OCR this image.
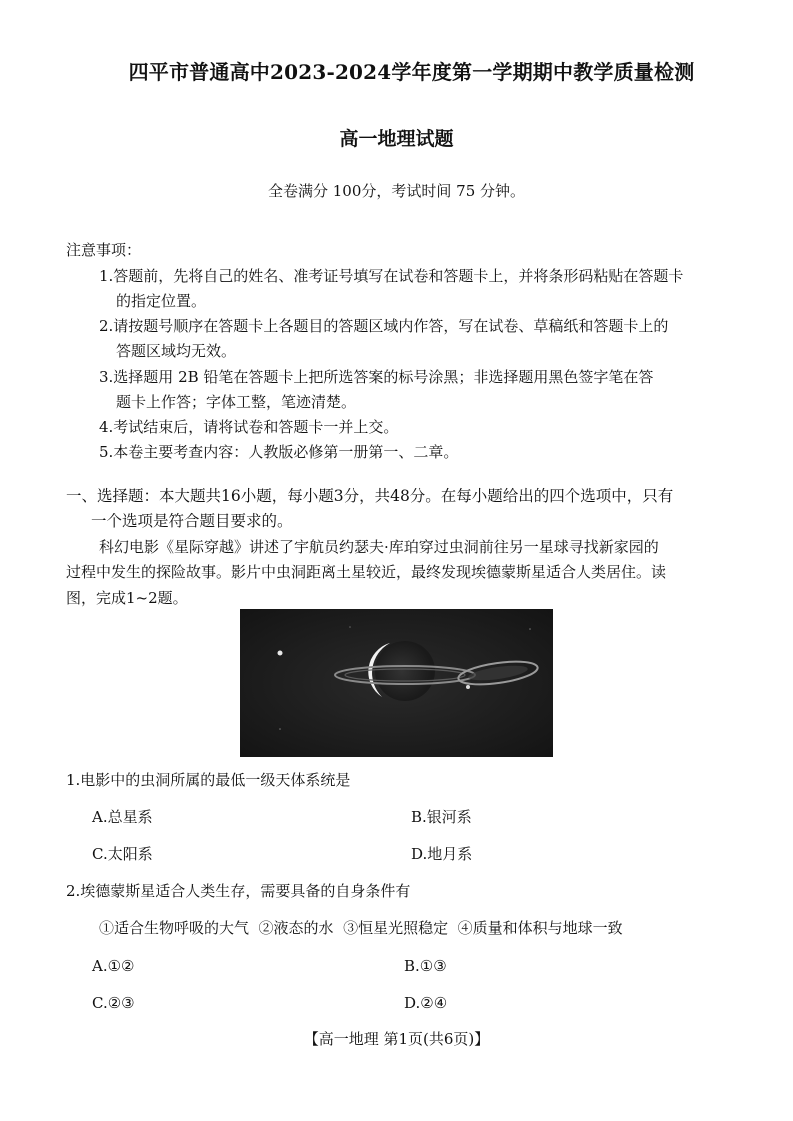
四平市普通高中2023-2024学年度第一学期期中教学质量检测
高一地理试题
全卷满分 100分，考试时间 75 分钟。
注意事项：
1.答题前，先将自己的姓名、准考证号填写在试卷和答题卡上，并将条形码粘贴在答题卡
的指定位置。
2.请按题号顺序在答题卡上各题目的答题区域内作答，写在试卷、草稿纸和答题卡上的
答题区域均无效。
3.选择题用 2B 铅笔在答题卡上把所选答案的标号涂黑；非选择题用黑色签字笔在答
题卡上作答；字体工整，笔迹清楚。
4.考试结束后，请将试卷和答题卡一并上交。
5.本卷主要考查内容：人教版必修第一册第一、二章。
一、选择题：本大题共16小题，每小题3分，共48分。在每小题给出的四个选项中，只有
一个选项是符合题目要求的。
科幻电影《星际穿越》讲述了宇航员约瑟夫·库珀穿过虫洞前往另一星球寻找新家园的
过程中发生的探险故事。影片中虫洞距离土星较近，最终发现埃德蒙斯星适合人类居住。读
图，完成1~2题。
1.电影中的虫洞所属的最低一级天体系统是
A.总星系	B.银河系
C.太阳系	D.地月系
2.埃德蒙斯星适合人类生存，需要具备的自身条件有
①适合生物呼吸的大气  ②液态的水  ③恒星光照稳定  ④质量和体积与地球一致
A.①②	B.①③
C.②③	D.②④
【高一地理 第1页(共6页)】
